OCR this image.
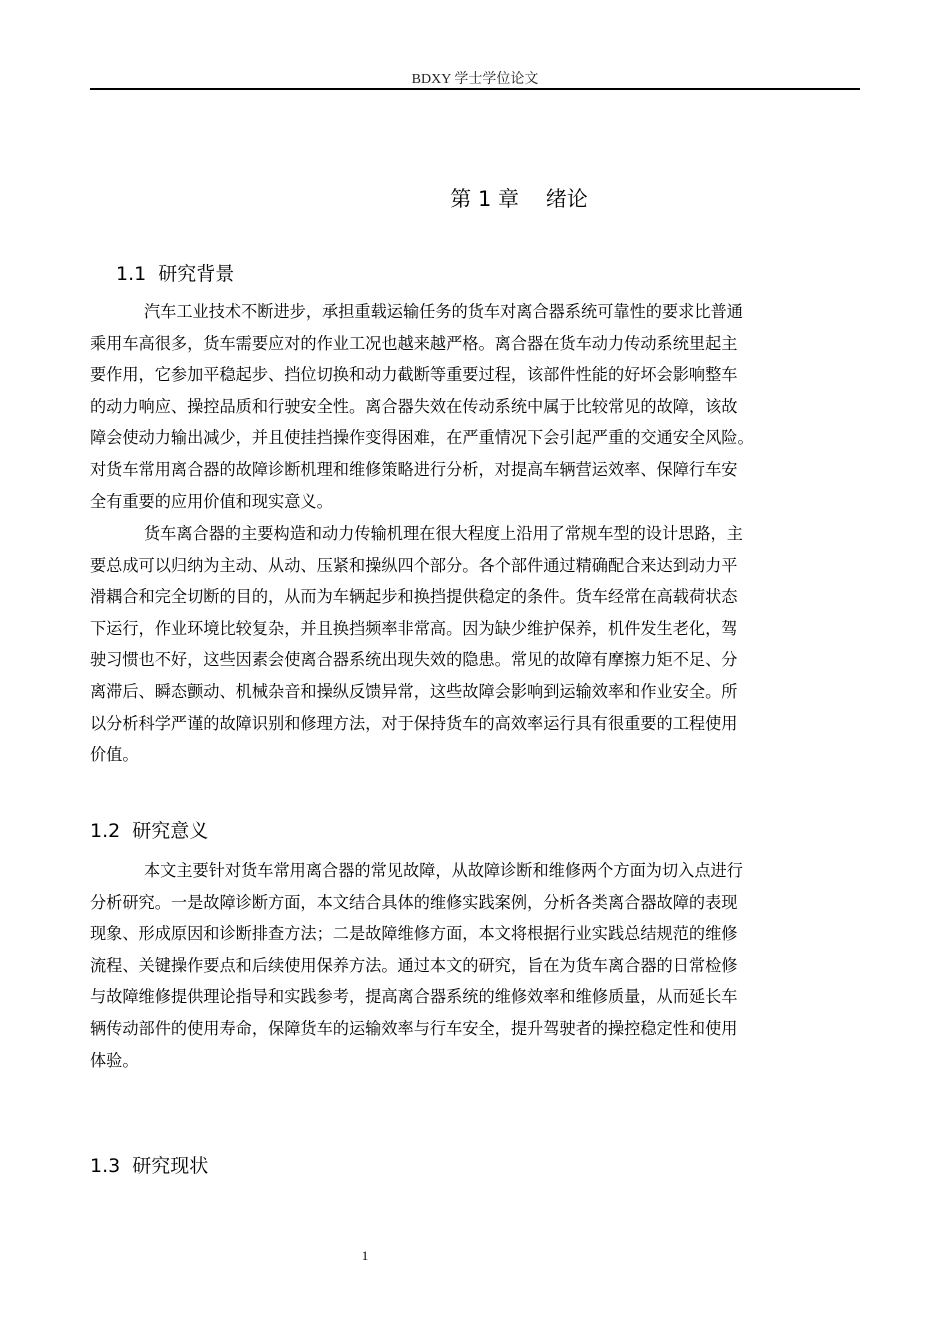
BDXY 学士学位论文
第 1 章    绪论
1.1  研究背景
汽车工业技术不断进步，承担重载运输任务的货车对离合器系统可靠性的要求比普通
乘用车高很多，货车需要应对的作业工况也越来越严格。离合器在货车动力传动系统里起主
要作用，它参加平稳起步、挡位切换和动力截断等重要过程，该部件性能的好坏会影响整车
的动力响应、操控品质和行驶安全性。离合器失效在传动系统中属于比较常见的故障，该故
障会使动力输出减少，并且使挂挡操作变得困难，在严重情况下会引起严重的交通安全风险。
对货车常用离合器的故障诊断机理和维修策略进行分析，对提高车辆营运效率、保障行车安
全有重要的应用价值和现实意义。
货车离合器的主要构造和动力传输机理在很大程度上沿用了常规车型的设计思路，主
要总成可以归纳为主动、从动、压紧和操纵四个部分。各个部件通过精确配合来达到动力平
滑耦合和完全切断的目的，从而为车辆起步和换挡提供稳定的条件。货车经常在高载荷状态
下运行，作业环境比较复杂，并且换挡频率非常高。因为缺少维护保养，机件发生老化，驾
驶习惯也不好，这些因素会使离合器系统出现失效的隐患。常见的故障有摩擦力矩不足、分
离滞后、瞬态颤动、机械杂音和操纵反馈异常，这些故障会影响到运输效率和作业安全。所
以分析科学严谨的故障识别和修理方法，对于保持货车的高效率运行具有很重要的工程使用
价值。
1.2  研究意义
本文主要针对货车常用离合器的常见故障，从故障诊断和维修两个方面为切入点进行
分析研究。一是故障诊断方面，本文结合具体的维修实践案例，分析各类离合器故障的表现
现象、形成原因和诊断排查方法；二是故障维修方面，本文将根据行业实践总结规范的维修
流程、关键操作要点和后续使用保养方法。通过本文的研究，旨在为货车离合器的日常检修
与故障维修提供理论指导和实践参考，提高离合器系统的维修效率和维修质量，从而延长车
辆传动部件的使用寿命，保障货车的运输效率与行车安全，提升驾驶者的操控稳定性和使用
体验。
1.3  研究现状
1
